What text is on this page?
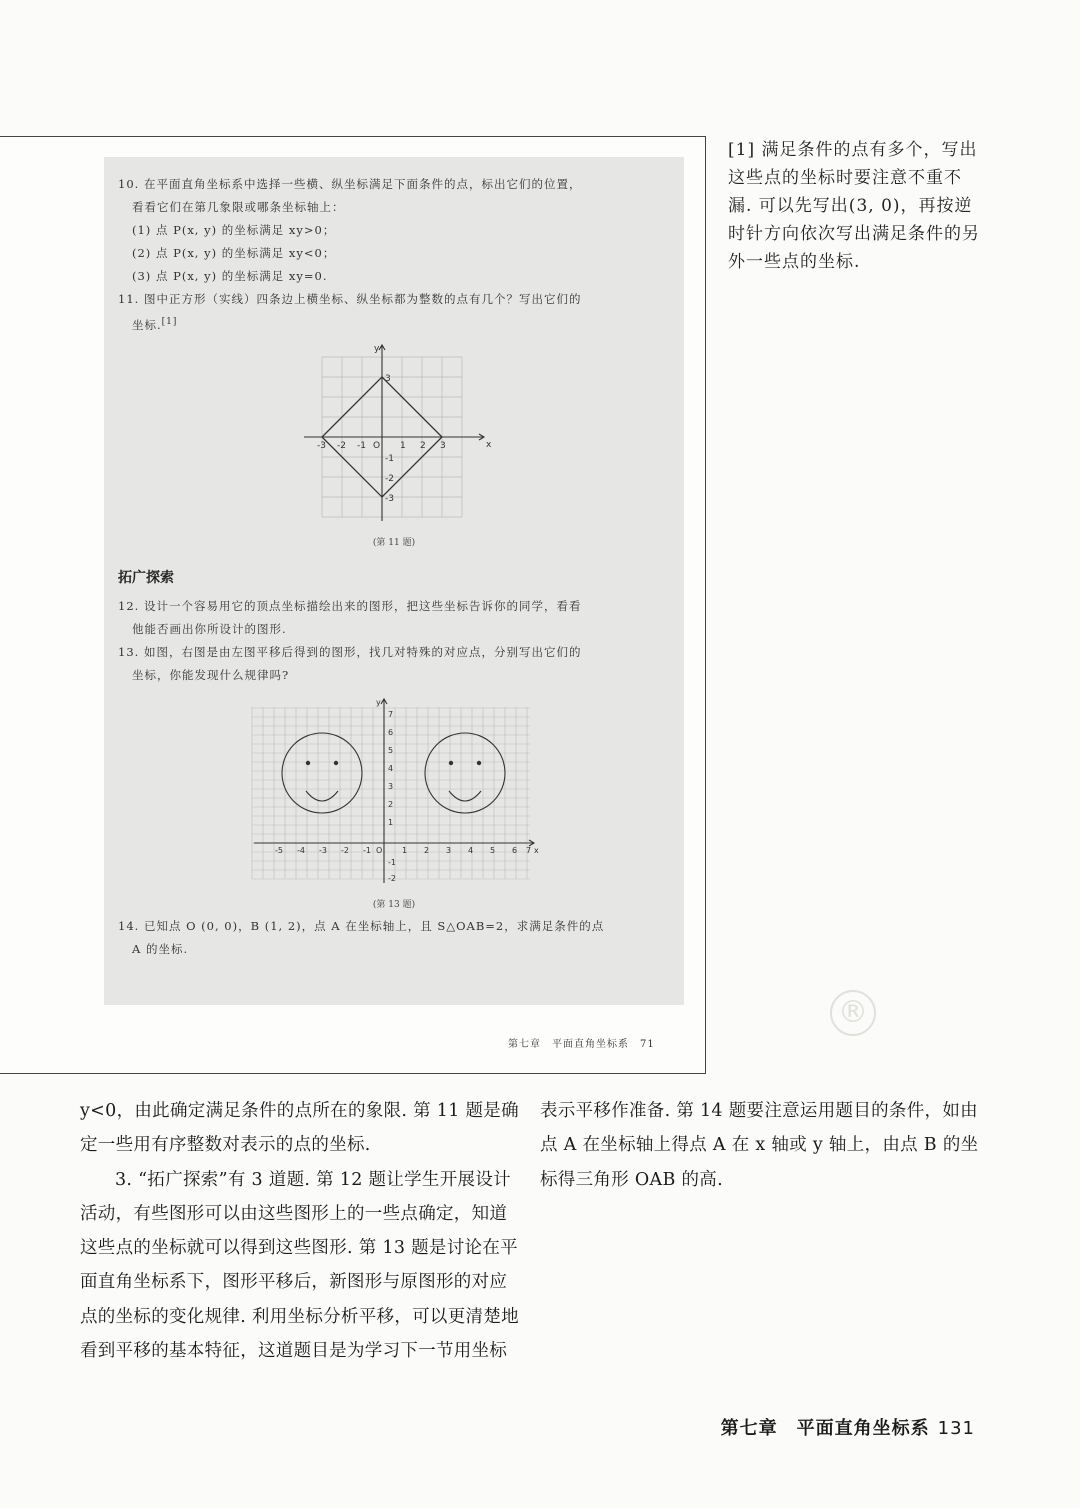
10. 在平面直角坐标系中选择一些横、纵坐标满足下面条件的点，标出它们的位置，
看看它们在第几象限或哪条坐标轴上：
(1) 点 P(x, y) 的坐标满足 xy>0；
(2) 点 P(x, y) 的坐标满足 xy<0；
(3) 点 P(x, y) 的坐标满足 xy=0.
11. 图中正方形（实线）四条边上横坐标、纵坐标都为整数的点有几个？写出它们的
坐标.[1]
x
y
-3 -2 -1 O 1 2 3
3
-1
-2
-3
(第 11 题)
拓广探索
12. 设计一个容易用它的顶点坐标描绘出来的图形，把这些坐标告诉你的同学，看看
他能否画出你所设计的图形.
13. 如图，右图是由左图平移后得到的图形，找几对特殊的对应点，分别写出它们的
坐标，你能发现什么规律吗?
x
y
-5 -4 -3 -2 -1 O 1 2 3 4 5 6 7
7
6
5
4
3
2
1
-1
-2
(第 13 题)
14. 已知点 O (0, 0)，B (1, 2)，点 A 在坐标轴上，且 S△OAB=2，求满足条件的点
A 的坐标.
第七章　平面直角坐标系　71
[1] 满足条件的点有多个，写出这些点的坐标时要注意不重不漏. 可以先写出(3, 0)，再按逆时针方向依次写出满足条件的另外一些点的坐标.
®

y<0，由此确定满足条件的点所在的象限. 第 11 题是确定一些用有序整数对表示的点的坐标.

3. “拓广探索”有 3 道题. 第 12 题让学生开展设计活动，有些图形可以由这些图形上的一些点确定，知道这些点的坐标就可以得到这些图形. 第 13 题是讨论在平面直角坐标系下，图形平移后，新图形与原图形的对应点的坐标的变化规律. 利用坐标分析平移，可以更清楚地看到平移的基本特征，这道题目是为学习下一节用坐标

表示平移作准备. 第 14 题要注意运用题目的条件，如由点 A 在坐标轴上得点 A 在 x 轴或 y 轴上，由点 B 的坐标得三角形 OAB 的高.

第七章　平面直角坐标系 131
